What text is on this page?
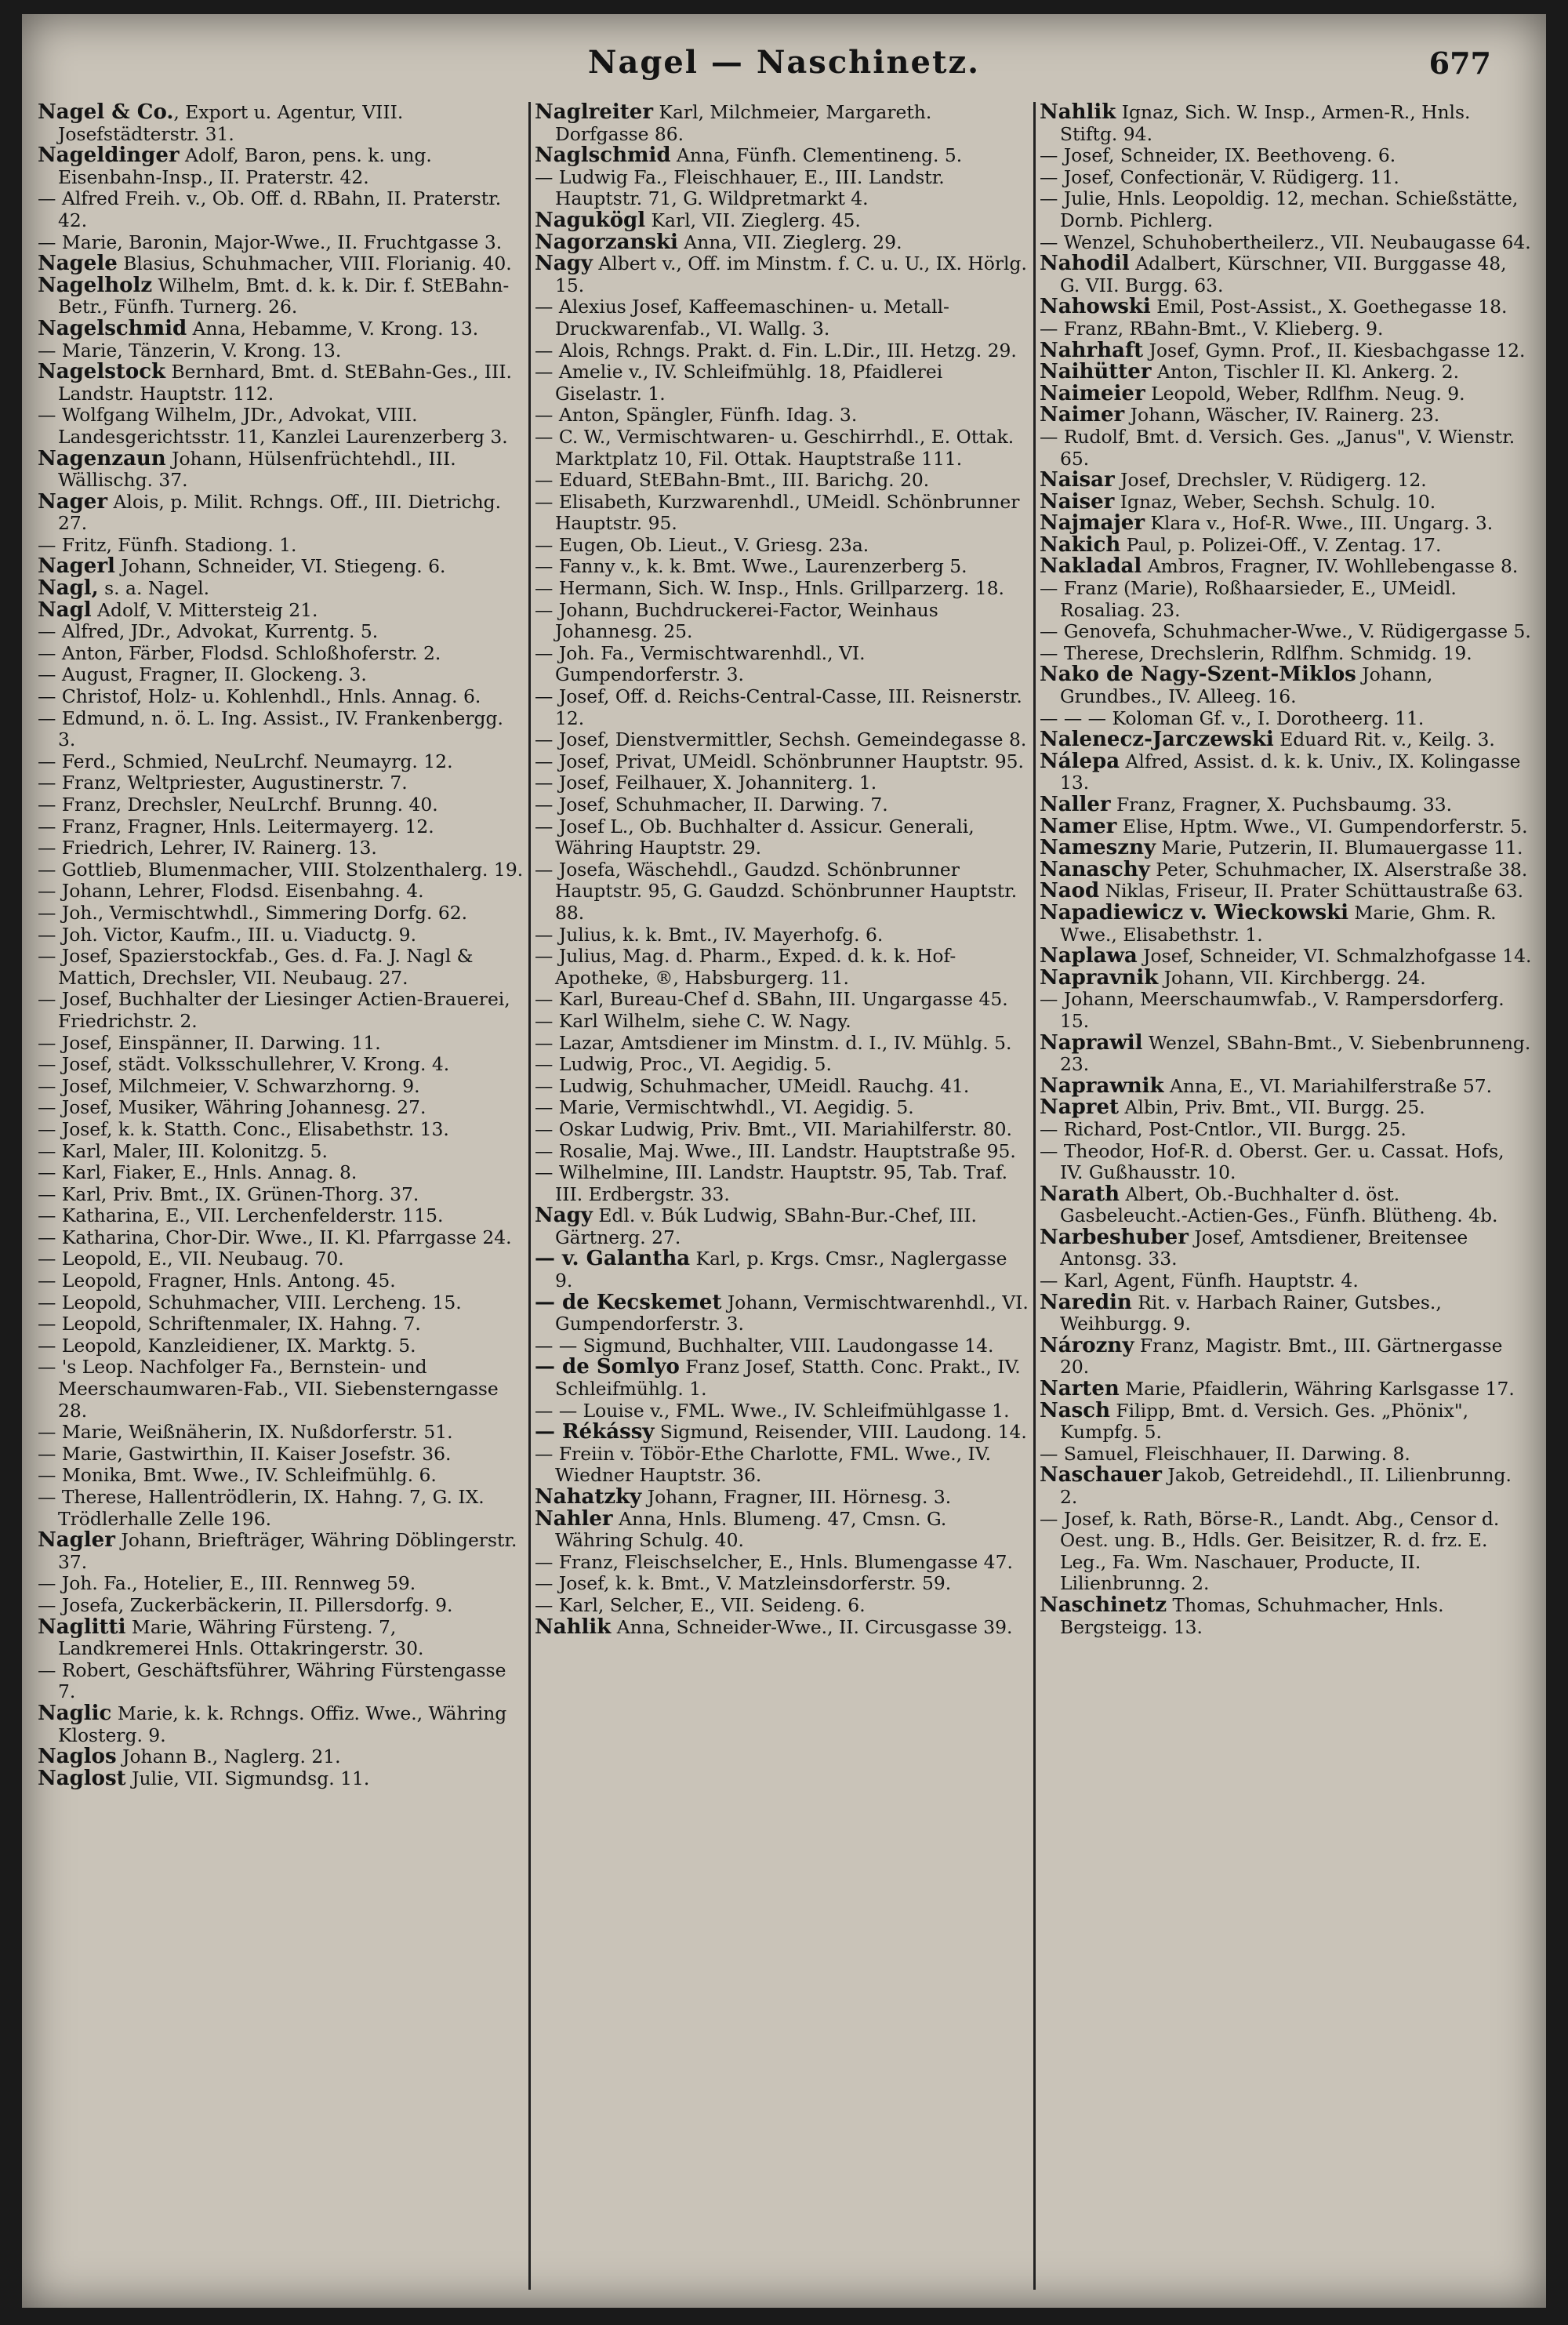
Nagel — Naschinetz.	677

Nagel & Co., Export u. Agentur, VIII. Josefstädterstr. 31.

Nageldinger Adolf, Baron, pens. k. ung. Eisenbahn-Insp., II. Praterstr. 42.

— Alfred Freih. v., Ob. Off. d. RBahn, II. Praterstr. 42.

— Marie, Baronin, Major-Wwe., II. Fruchtgasse 3.

Nagele Blasius, Schuhmacher, VIII. Florianig. 40.

Nagelholz Wilhelm, Bmt. d. k. k. Dir. f. StEBahn-Betr., Fünfh. Turnerg. 26.

Nagelschmid Anna, Hebamme, V. Krong. 13.

— Marie, Tänzerin, V. Krong. 13.

Nagelstock Bernhard, Bmt. d. StEBahn-Ges., III. Landstr. Hauptstr. 112.

— Wolfgang Wilhelm, JDr., Advokat, VIII. Landesgerichtsstr. 11, Kanzlei Laurenzerberg 3.

Nagenzaun Johann, Hülsenfrüchtehdl., III. Wällischg. 37.

Nager Alois, p. Milit. Rchngs. Off., III. Dietrichg. 27.

— Fritz, Fünfh. Stadiong. 1.

Nagerl Johann, Schneider, VI. Stiegeng. 6.

Nagl, s. a. Nagel.

Nagl Adolf, V. Mittersteig 21.

— Alfred, JDr., Advokat, Kurrentg. 5.

— Anton, Färber, Flodsd. Schloßhoferstr. 2.

— August, Fragner, II. Glockeng. 3.

— Christof, Holz- u. Kohlenhdl., Hnls. Annag. 6.

— Edmund, n. ö. L. Ing. Assist., IV. Frankenbergg. 3.

— Ferd., Schmied, NeuLrchf. Neumayrg. 12.

— Franz, Weltpriester, Augustinerstr. 7.

— Franz, Drechsler, NeuLrchf. Brunng. 40.

— Franz, Fragner, Hnls. Leitermayerg. 12.

— Friedrich, Lehrer, IV. Rainerg. 13.

— Gottlieb, Blumenmacher, VIII. Stolzenthalerg. 19.

— Johann, Lehrer, Flodsd. Eisenbahng. 4.

— Joh., Vermischtwhdl., Simmering Dorfg. 62.

— Joh. Victor, Kaufm., III. u. Viaductg. 9.

— Josef, Spazierstockfab., Ges. d. Fa. J. Nagl & Mattich, Drechsler, VII. Neubaug. 27.

— Josef, Buchhalter der Liesinger Actien-Brauerei, Friedrichstr. 2.

— Josef, Einspänner, II. Darwing. 11.

— Josef, städt. Volksschullehrer, V. Krong. 4.

— Josef, Milchmeier, V. Schwarzhorng. 9.

— Josef, Musiker, Währing Johannesg. 27.

— Josef, k. k. Statth. Conc., Elisabethstr. 13.

— Karl, Maler, III. Kolonitzg. 5.

— Karl, Fiaker, E., Hnls. Annag. 8.

— Karl, Priv. Bmt., IX. Grünen-Thorg. 37.

— Katharina, E., VII. Lerchenfelderstr. 115.

— Katharina, Chor-Dir. Wwe., II. Kl. Pfarrgasse 24.

— Leopold, E., VII. Neubaug. 70.

— Leopold, Fragner, Hnls. Antong. 45.

— Leopold, Schuhmacher, VIII. Lercheng. 15.

— Leopold, Schriftenmaler, IX. Hahng. 7.

— Leopold, Kanzleidiener, IX. Marktg. 5.

— 's Leop. Nachfolger Fa., Bernstein- und Meerschaumwaren-Fab., VII. Siebensterngasse 28.

— Marie, Weißnäherin, IX. Nußdorferstr. 51.

— Marie, Gastwirthin, II. Kaiser Josefstr. 36.

— Monika, Bmt. Wwe., IV. Schleifmühlg. 6.

— Therese, Hallentrödlerin, IX. Hahng. 7, G. IX. Trödlerhalle Zelle 196.

Nagler Johann, Briefträger, Währing Döblingerstr. 37.

— Joh. Fa., Hotelier, E., III. Rennweg 59.

— Josefa, Zuckerbäckerin, II. Pillersdorfg. 9.

Naglitti Marie, Währing Fürsteng. 7, Landkremerei Hnls. Ottakringerstr. 30.

— Robert, Geschäftsführer, Währing Fürstengasse 7.

Naglic Marie, k. k. Rchngs. Offiz. Wwe., Währing Klosterg. 9.

Naglos Johann B., Naglerg. 21.

Naglost Julie, VII. Sigmundsg. 11.

Naglreiter Karl, Milchmeier, Margareth. Dorfgasse 86.

Naglschmid Anna, Fünfh. Clementineng. 5.

— Ludwig Fa., Fleischhauer, E., III. Landstr. Hauptstr. 71, G. Wildpretmarkt 4.

Nagukögl Karl, VII. Zieglerg. 45.

Nagorzanski Anna, VII. Zieglerg. 29.

Nagy Albert v., Off. im Minstm. f. C. u. U., IX. Hörlg. 15.

— Alexius Josef, Kaffeemaschinen- u. Metall-Druckwarenfab., VI. Wallg. 3.

— Alois, Rchngs. Prakt. d. Fin. L.Dir., III. Hetzg. 29.

— Amelie v., IV. Schleifmühlg. 18, Pfaidlerei Giselastr. 1.

— Anton, Spängler, Fünfh. Idag. 3.

— C. W., Vermischtwaren- u. Geschirrhdl., E. Ottak. Marktplatz 10, Fil. Ottak. Hauptstraße 111.

— Eduard, StEBahn-Bmt., III. Barichg. 20.

— Elisabeth, Kurzwarenhdl., UMeidl. Schönbrunner Hauptstr. 95.

— Eugen, Ob. Lieut., V. Griesg. 23a.

— Fanny v., k. k. Bmt. Wwe., Laurenzerberg 5.

— Hermann, Sich. W. Insp., Hnls. Grillparzerg. 18.

— Johann, Buchdruckerei-Factor, Weinhaus Johannesg. 25.

— Joh. Fa., Vermischtwarenhdl., VI. Gumpendorferstr. 3.

— Josef, Off. d. Reichs-Central-Casse, III. Reisnerstr. 12.

— Josef, Dienstvermittler, Sechsh. Gemeindegasse 8.

— Josef, Privat, UMeidl. Schönbrunner Hauptstr. 95.

— Josef, Feilhauer, X. Johanniterg. 1.

— Josef, Schuhmacher, II. Darwing. 7.

— Josef L., Ob. Buchhalter d. Assicur. Generali, Währing Hauptstr. 29.

— Josefa, Wäschehdl., Gaudzd. Schönbrunner Hauptstr. 95, G. Gaudzd. Schönbrunner Hauptstr. 88.

— Julius, k. k. Bmt., IV. Mayerhofg. 6.

— Julius, Mag. d. Pharm., Exped. d. k. k. Hof-Apotheke, ®, Habsburgerg. 11.

— Karl, Bureau-Chef d. SBahn, III. Ungargasse 45.

— Karl Wilhelm, siehe C. W. Nagy.

— Lazar, Amtsdiener im Minstm. d. I., IV. Mühlg. 5.

— Ludwig, Proc., VI. Aegidig. 5.

— Ludwig, Schuhmacher, UMeidl. Rauchg. 41.

— Marie, Vermischtwhdl., VI. Aegidig. 5.

— Oskar Ludwig, Priv. Bmt., VII. Mariahilferstr. 80.

— Rosalie, Maj. Wwe., III. Landstr. Hauptstraße 95.

— Wilhelmine, III. Landstr. Hauptstr. 95, Tab. Traf. III. Erdbergstr. 33.

Nagy Edl. v. Búk Ludwig, SBahn-Bur.-Chef, III. Gärtnerg. 27.

— v. Galantha Karl, p. Krgs. Cmsr., Naglergasse 9.

— de Kecskemet Johann, Vermischtwarenhdl., VI. Gumpendorferstr. 3.

— — Sigmund, Buchhalter, VIII. Laudongasse 14.

— de Somlyo Franz Josef, Statth. Conc. Prakt., IV. Schleifmühlg. 1.

— — Louise v., FML. Wwe., IV. Schleifmühlgasse 1.

— Rékássy Sigmund, Reisender, VIII. Laudong. 14.

— Freiin v. Töbör-Ethe Charlotte, FML. Wwe., IV. Wiedner Hauptstr. 36.

Nahatzky Johann, Fragner, III. Hörnesg. 3.

Nahler Anna, Hnls. Blumeng. 47, Cmsn. G. Währing Schulg. 40.

— Franz, Fleischselcher, E., Hnls. Blumengasse 47.

— Josef, k. k. Bmt., V. Matzleinsdorferstr. 59.

— Karl, Selcher, E., VII. Seideng. 6.

Nahlik Anna, Schneider-Wwe., II. Circusgasse 39.

Nahlik Ignaz, Sich. W. Insp., Armen-R., Hnls. Stiftg. 94.

— Josef, Schneider, IX. Beethoveng. 6.

— Josef, Confectionär, V. Rüdigerg. 11.

— Julie, Hnls. Leopoldig. 12, mechan. Schießstätte, Dornb. Pichlerg.

— Wenzel, Schuhobertheilerz., VII. Neubaugasse 64.

Nahodil Adalbert, Kürschner, VII. Burggasse 48, G. VII. Burgg. 63.

Nahowski Emil, Post-Assist., X. Goethegasse 18.

— Franz, RBahn-Bmt., V. Klieberg. 9.

Nahrhaft Josef, Gymn. Prof., II. Kiesbachgasse 12.

Naihütter Anton, Tischler II. Kl. Ankerg. 2.

Naimeier Leopold, Weber, Rdlfhm. Neug. 9.

Naimer Johann, Wäscher, IV. Rainerg. 23.

— Rudolf, Bmt. d. Versich. Ges. „Janus", V. Wienstr. 65.

Naisar Josef, Drechsler, V. Rüdigerg. 12.

Naiser Ignaz, Weber, Sechsh. Schulg. 10.

Najmajer Klara v., Hof-R. Wwe., III. Ungarg. 3.

Nakich Paul, p. Polizei-Off., V. Zentag. 17.

Nakladal Ambros, Fragner, IV. Wohllebengasse 8.

— Franz (Marie), Roßhaarsieder, E., UMeidl. Rosaliag. 23.

— Genovefa, Schuhmacher-Wwe., V. Rüdigergasse 5.

— Therese, Drechslerin, Rdlfhm. Schmidg. 19.

Nako de Nagy-Szent-Miklos Johann, Grundbes., IV. Alleeg. 16.

— — — Koloman Gf. v., I. Dorotheerg. 11.

Nalenecz-Jarczewski Eduard Rit. v., Keilg. 3.

Nálepa Alfred, Assist. d. k. k. Univ., IX. Kolingasse 13.

Naller Franz, Fragner, X. Puchsbaumg. 33.

Namer Elise, Hptm. Wwe., VI. Gumpendorferstr. 5.

Nameszny Marie, Putzerin, II. Blumauergasse 11.

Nanaschy Peter, Schuhmacher, IX. Alserstraße 38.

Naod Niklas, Friseur, II. Prater Schüttaustraße 63.

Napadiewicz v. Wieckowski Marie, Ghm. R. Wwe., Elisabethstr. 1.

Naplawa Josef, Schneider, VI. Schmalzhofgasse 14.

Napravnik Johann, VII. Kirchbergg. 24.

— Johann, Meerschaumwfab., V. Rampersdorferg. 15.

Naprawil Wenzel, SBahn-Bmt., V. Siebenbrunneng. 23.

Naprawnik Anna, E., VI. Mariahilferstraße 57.

Napret Albin, Priv. Bmt., VII. Burgg. 25.

— Richard, Post-Cntlor., VII. Burgg. 25.

— Theodor, Hof-R. d. Oberst. Ger. u. Cassat. Hofs, IV. Gußhausstr. 10.

Narath Albert, Ob.-Buchhalter d. öst. Gasbeleucht.-Actien-Ges., Fünfh. Blütheng. 4b.

Narbeshuber Josef, Amtsdiener, Breitensee Antonsg. 33.

— Karl, Agent, Fünfh. Hauptstr. 4.

Naredin Rit. v. Harbach Rainer, Gutsbes., Weihburgg. 9.

Nározny Franz, Magistr. Bmt., III. Gärtnergasse 20.

Narten Marie, Pfaidlerin, Währing Karlsgasse 17.

Nasch Filipp, Bmt. d. Versich. Ges. „Phönix", Kumpfg. 5.

— Samuel, Fleischhauer, II. Darwing. 8.

Naschauer Jakob, Getreidehdl., II. Lilienbrunng. 2.

— Josef, k. Rath, Börse-R., Landt. Abg., Censor d. Oest. ung. B., Hdls. Ger. Beisitzer, R. d. frz. E. Leg., Fa. Wm. Naschauer, Producte, II. Lilienbrunng. 2.

Naschinetz Thomas, Schuhmacher, Hnls. Bergsteigg. 13.
